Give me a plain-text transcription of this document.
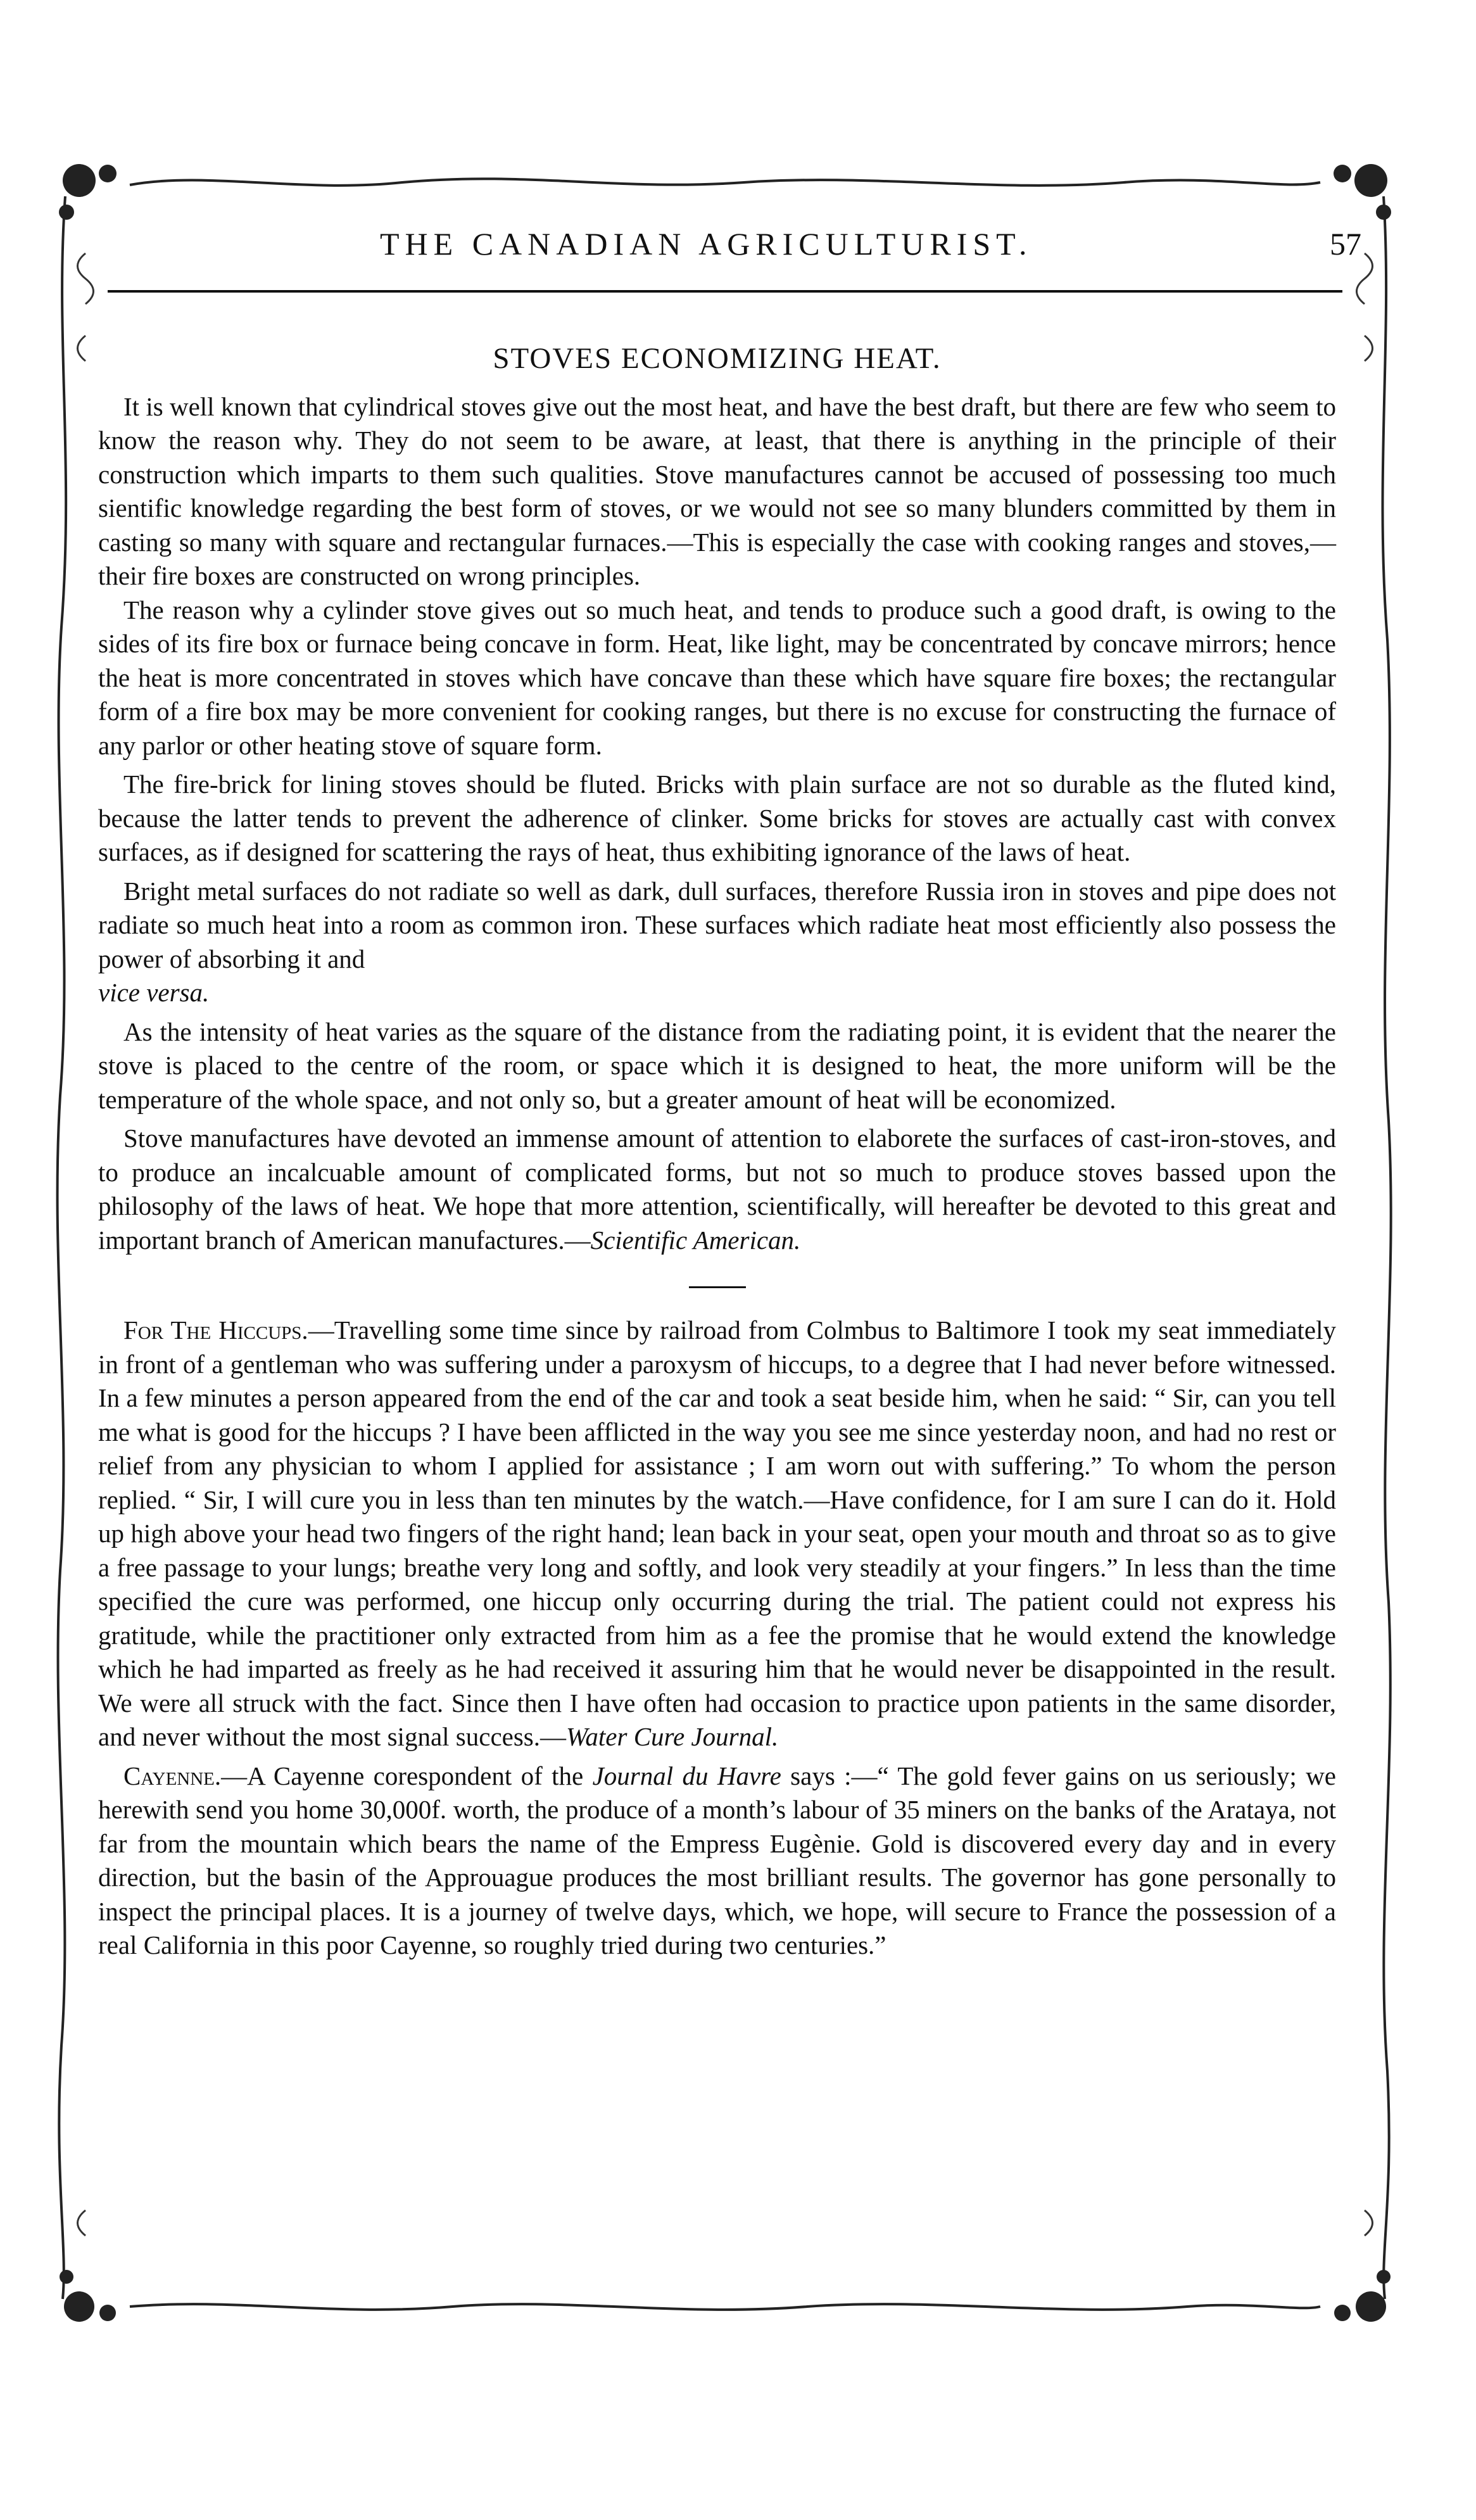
THE CANADIAN AGRICULTURIST.	57
STOVES ECONOMIZING HEAT.

It is well known that cylindrical stoves give out the most heat, and have the best draft, but there are few who seem to know the reason why. They do not seem to be aware, at least, that there is anything in the principle of their construction which imparts to them such qualities. Stove manufactures cannot be accused of possessing too much sientific knowledge regarding the best form of stoves, or we would not see so many blunders committed by them in casting so many with square and rectangular furnaces.—This is especially the case with cooking ranges and stoves,—their fire boxes are constructed on wrong principles.

The reason why a cylinder stove gives out so much heat, and tends to produce such a good draft, is owing to the sides of its fire box or furnace being concave in form. Heat, like light, may be concentrated by concave mirrors; hence the heat is more concentrated in stoves which have concave than these which have square fire boxes; the rectangular form of a fire box may be more convenient for cooking ranges, but there is no excuse for constructing the furnace of any parlor or other heating stove of square form.

The fire-brick for lining stoves should be fluted. Bricks with plain surface are not so durable as the fluted kind, because the latter tends to prevent the adherence of clinker. Some bricks for stoves are actually cast with convex surfaces, as if designed for scattering the rays of heat, thus exhibiting ignorance of the laws of heat.

Bright metal surfaces do not radiate so well as dark, dull surfaces, therefore Russia iron in stoves and pipe does not radiate so much heat into a room as common iron. These surfaces which radiate heat most efficiently also possess the power of absorbing it and
vice versa.

As the intensity of heat varies as the square of the distance from the radiating point, it is evident that the nearer the stove is placed to the centre of the room, or space which it is designed to heat, the more uniform will be the temperature of the whole space, and not only so, but a greater amount of heat will be economized.

Stove manufactures have devoted an immense amount of attention to elaborete the surfaces of cast-iron-stoves, and to produce an incalcuable amount of complicated forms, but not so much to produce stoves bassed upon the philosophy of the laws of heat. We hope that more attention, scientifically, will hereafter be devoted to this great and important branch of American manufactures.—Scientific American.

For The Hiccups.—Travelling some time since by railroad from Colmbus to Baltimore I took my seat immediately in front of a gentleman who was suffering under a paroxysm of hiccups, to a degree that I had never before witnessed. In a few minutes a person appeared from the end of the car and took a seat beside him, when he said: “ Sir, can you tell me what is good for the hiccups ? I have been afflicted in the way you see me since yesterday noon, and had no rest or relief from any physician to whom I applied for assistance ; I am worn out with suffering.” To whom the person replied. “ Sir, I will cure you in less than ten minutes by the watch.—Have confidence, for I am sure I can do it. Hold up high above your head two fingers of the right hand; lean back in your seat, open your mouth and throat so as to give a free passage to your lungs; breathe very long and softly, and look very steadily at your fingers.” In less than the time specified the cure was performed, one hiccup only occurring during the trial. The patient could not express his gratitude, while the practitioner only extracted from him as a fee the promise that he would extend the knowledge which he had imparted as freely as he had received it assuring him that he would never be disappointed in the result. We were all struck with the fact. Since then I have often had occasion to practice upon patients in the same disorder, and never without the most signal success.—Water Cure Journal.

Cayenne.—A Cayenne corespondent of the Journal du Havre says :—“ The gold fever gains on us seriously; we herewith send you home 30,000f. worth, the produce of a month’s labour of 35 miners on the banks of the Arataya, not far from the mountain which bears the name of the Empress Eugènie. Gold is discovered every day and in every direction, but the basin of the Approuague produces the most brilliant results. The governor has gone personally to inspect the principal places. It is a journey of twelve days, which, we hope, will secure to France the possession of a real California in this poor Cayenne, so roughly tried during two centuries.”
